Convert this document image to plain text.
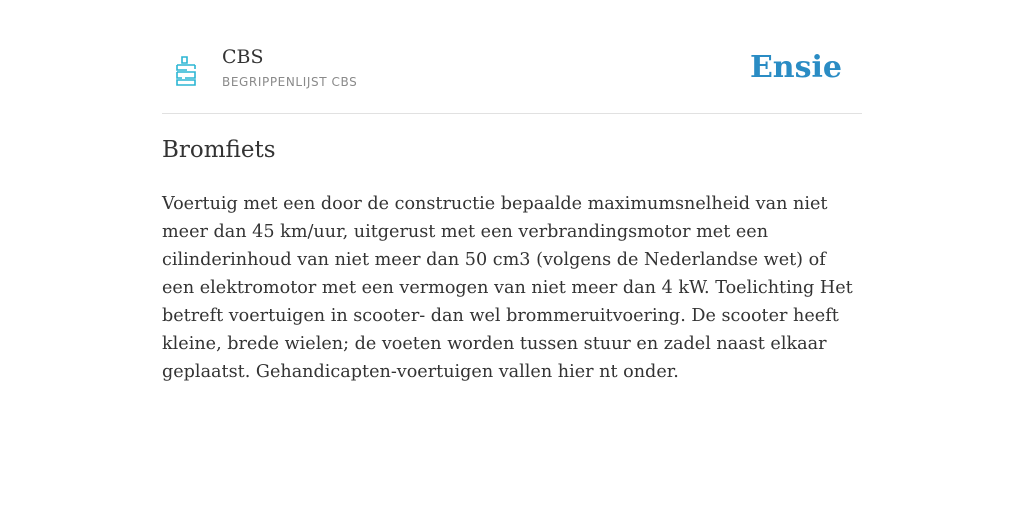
CBS
BEGRIPPENLIJST CBS	Ensie
Bromfiets

Voertuig met een door de constructie bepaalde maximumsnelheid van niet meer dan 45 km/uur, uitgerust met een verbrandingsmotor met een cilinderinhoud van niet meer dan 50 cm3 (volgens de Nederlandse wet) of een elektromotor met een vermogen van niet meer dan 4 kW. Toelichting Het betreft voertuigen in scooter- dan wel brommeruitvoering. De scooter heeft kleine, brede wielen; de voeten worden tussen stuur en zadel naast elkaar geplaatst. Gehandicapten-voertuigen vallen hier nt onder.
